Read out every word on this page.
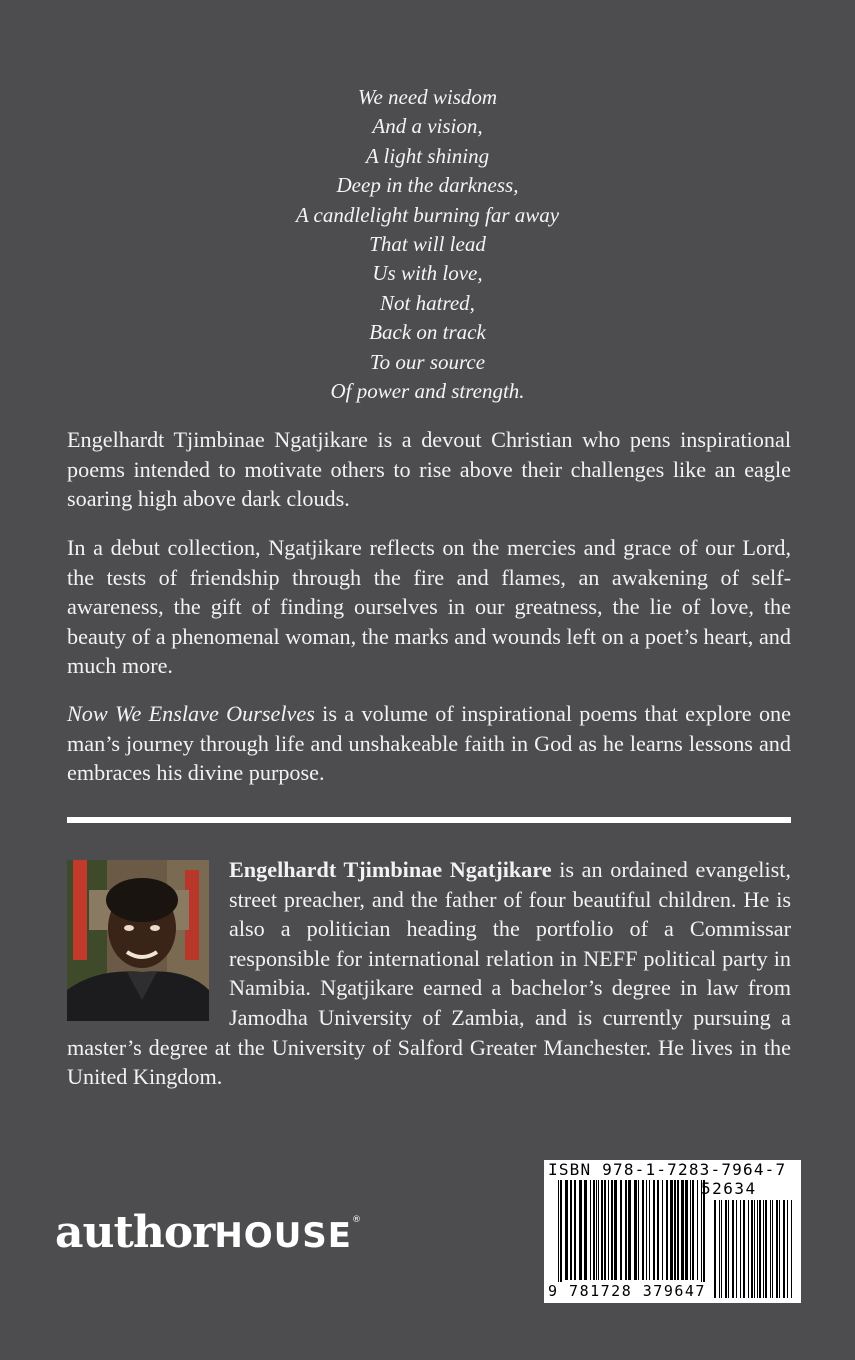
We need wisdom
And a vision,
A light shining
Deep in the darkness,
A candlelight burning far away
That will lead
Us with love,
Not hatred,
Back on track
To our source
Of power and strength.

Engelhardt Tjimbinae Ngatjikare is a devout Christian who pens inspirational poems intended to motivate others to rise above their challenges like an eagle soaring high above dark clouds.

In a debut collection, Ngatjikare reflects on the mercies and grace of our Lord, the tests of friendship through the fire and flames, an awakening of self-awareness, the gift of finding ourselves in our greatness, the lie of love, the beauty of a phenomenal woman, the marks and wounds left on a poet’s heart, and much more.

Now We Enslave Ourselves is a volume of inspirational poems that explore one man’s journey through life and unshakeable faith in God as he learns lessons and embraces his divine purpose.

Engelhardt Tjimbinae Ngatjikare is an ordained evangelist, street preacher, and the father of four beautiful children. He is also a politician heading the portfolio of a Commissar responsible for international relation in NEFF political party in Namibia. Ngatjikare earned a bachelor’s degree in law from Jamodha University of Zambia, and is currently pursuing a master’s degree at the University of Salford Greater Manchester. He lives in the United Kingdom.

authorHOUSE®
ISBN 978-1-7283-7964-7
52634
9 781728 379647
